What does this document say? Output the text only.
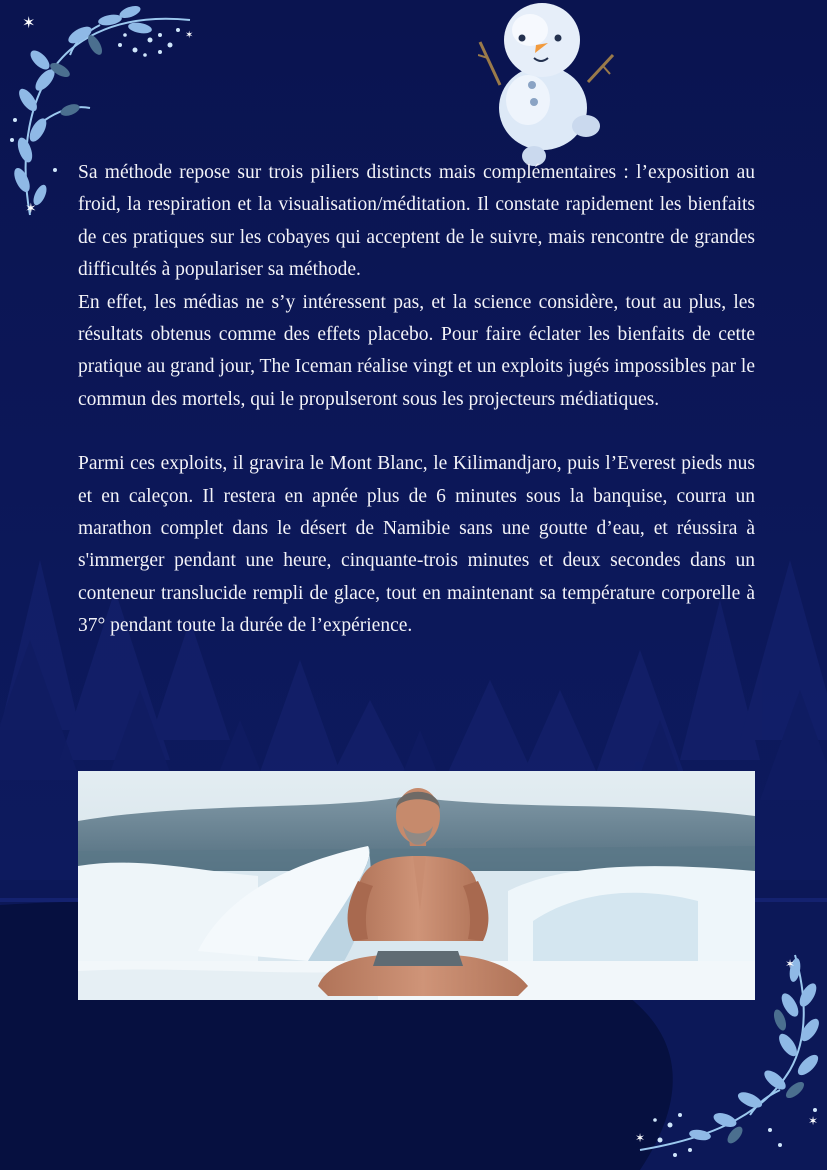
✶
✶
✶
✶
✶
✶

Sa méthode repose sur trois piliers distincts mais complémentaires : l’exposition au froid, la respiration et la visualisation/méditation. Il constate rapidement les bienfaits de ces pratiques sur les cobayes qui acceptent de le suivre, mais rencontre de grandes difficultés à populariser sa méthode.

En effet, les médias ne s’y intéressent pas, et la science considère, tout au plus, les résultats obtenus comme des effets placebo. Pour faire éclater les bienfaits de cette pratique au grand jour, The Iceman réalise vingt et un exploits jugés impossibles par le commun des mortels, qui le propulseront sous les projecteurs médiatiques.

Parmi ces exploits, il gravira le Mont Blanc, le Kilimandjaro, puis l’Everest pieds nus et en caleçon. Il restera en apnée plus de 6 minutes sous la banquise, courra un marathon complet dans le désert de Namibie sans une goutte d’eau, et réussira à s'immerger pendant une heure, cinquante-trois minutes et deux secondes dans un conteneur translucide rempli de glace, tout en maintenant sa température corporelle à 37° pendant toute la durée de l’expérience.
